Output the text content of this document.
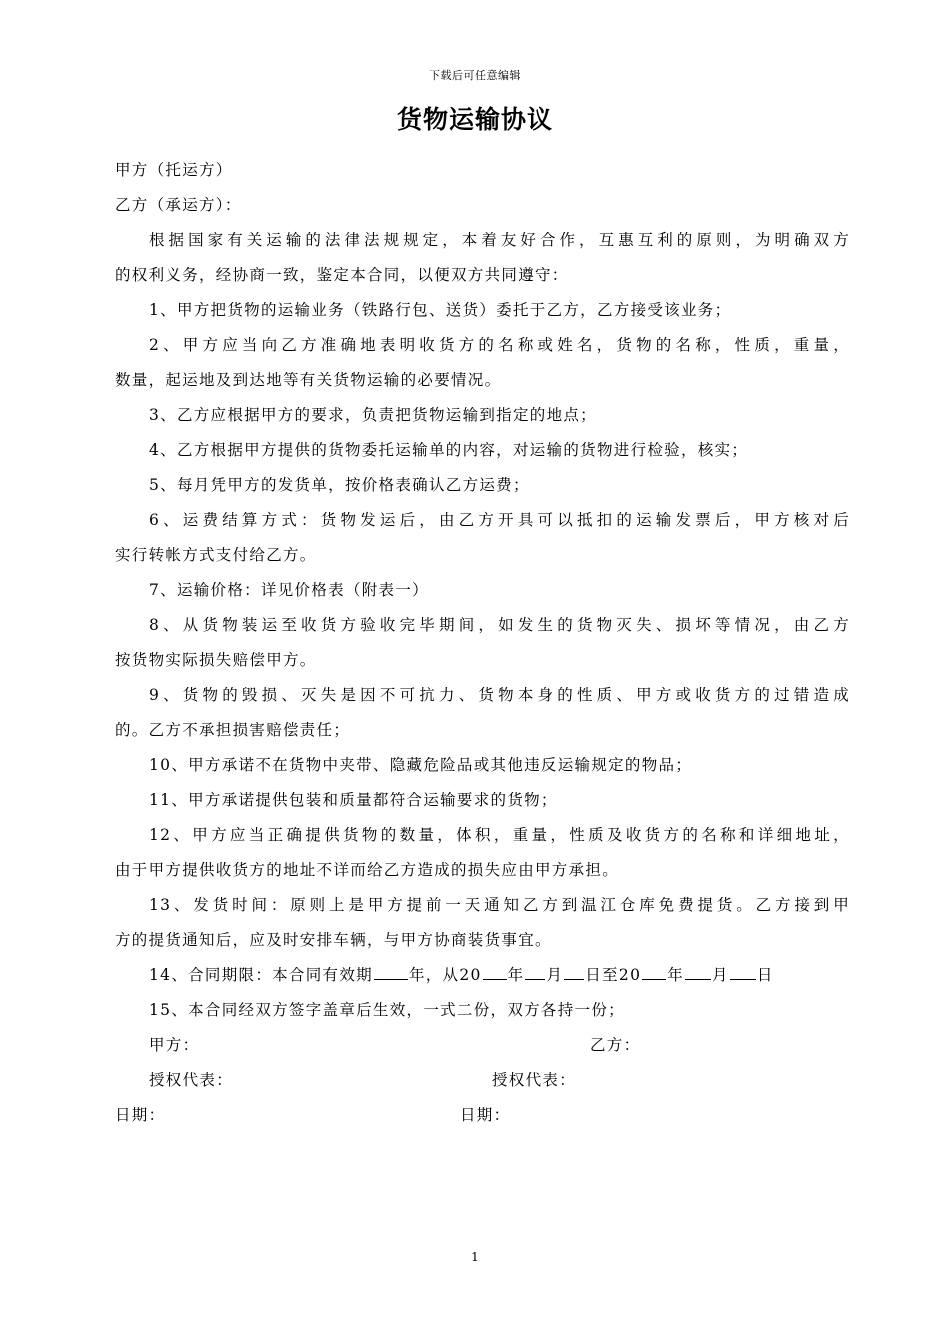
下载后可任意编辑
货物运输协议
甲方（托运方）
乙方（承运方）：
根据国家有关运输的法律法规规定，本着友好合作，互惠互利的原则，为明确双方
的权利义务，经协商一致，鉴定本合同，以便双方共同遵守：
1、甲方把货物的运输业务（铁路行包、送货）委托于乙方，乙方接受该业务；
2、甲方应当向乙方准确地表明收货方的名称或姓名，货物的名称，性质，重量，
数量，起运地及到达地等有关货物运输的必要情况。
3、乙方应根据甲方的要求，负责把货物运输到指定的地点；
4、乙方根据甲方提供的货物委托运输单的内容，对运输的货物进行检验，核实；
5、每月凭甲方的发货单，按价格表确认乙方运费；
6、运费结算方式：货物发运后，由乙方开具可以抵扣的运输发票后，甲方核对后
实行转帐方式支付给乙方。
7、运输价格：详见价格表（附表一）
8、从货物装运至收货方验收完毕期间，如发生的货物灭失、损坏等情况，由乙方
按货物实际损失赔偿甲方。
9、货物的毁损、灭失是因不可抗力、货物本身的性质、甲方或收货方的过错造成
的。乙方不承担损害赔偿责任；
10、甲方承诺不在货物中夹带、隐藏危险品或其他违反运输规定的物品；
11、甲方承诺提供包装和质量都符合运输要求的货物；
12、甲方应当正确提供货物的数量，体积，重量，性质及收货方的名称和详细地址，
由于甲方提供收货方的地址不详而给乙方造成的损失应由甲方承担。
13、发货时间：原则上是甲方提前一天通知乙方到温江仓库免费提货。乙方接到甲
方的提货通知后，应及时安排车辆，与甲方协商装货事宜。
14、合同期限：本合同有效期 年，从20 年 月 日至20 年 月 日
15、本合同经双方签字盖章后生效，一式二份，双方各持一份；
甲方：	乙方：
授权代表：	授权代表：
日期：	日期：
1
